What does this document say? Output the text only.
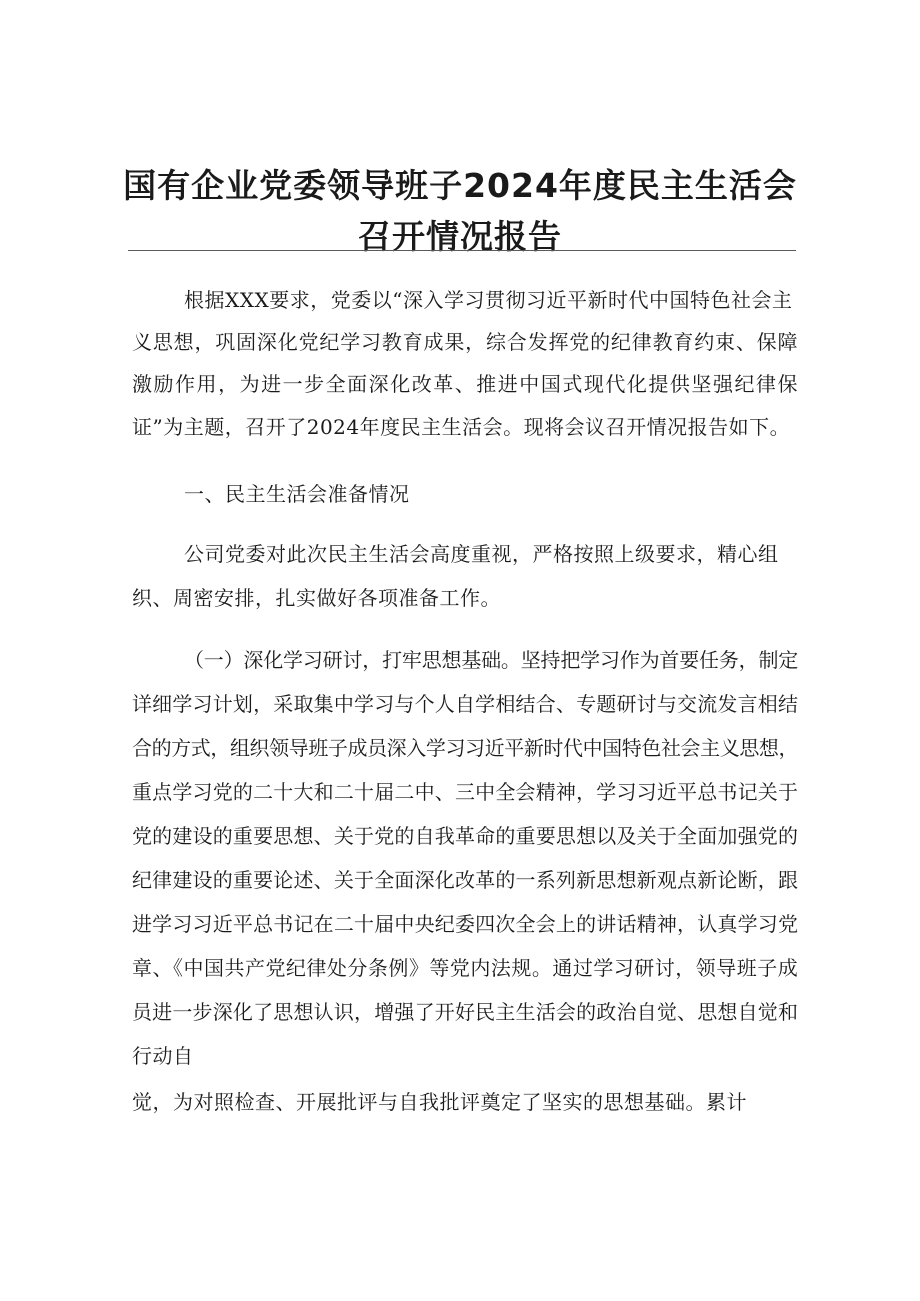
国有企业党委领导班子2024年度民主生活会
召开情况报告

根据XXX要求，党委以“深入学习贯彻习近平新时代中国特色社会主

义思想，巩固深化党纪学习教育成果，综合发挥党的纪律教育约束、保障

激励作用，为进一步全面深化改革、推进中国式现代化提供坚强纪律保

证”为主题，召开了2024年度民主生活会。现将会议召开情况报告如下。

一、民主生活会准备情况

公司党委对此次民主生活会高度重视，严格按照上级要求，精心组

织、周密安排，扎实做好各项准备工作。

（一）深化学习研讨，打牢思想基础。坚持把学习作为首要任务，制定

详细学习计划，采取集中学习与个人自学相结合、专题研讨与交流发言相结

合的方式，组织领导班子成员深入学习习近平新时代中国特色社会主义思想，

重点学习党的二十大和二十届二中、三中全会精神，学习习近平总书记关于

党的建设的重要思想、关于党的自我革命的重要思想以及关于全面加强党的

纪律建设的重要论述、关于全面深化改革的一系列新思想新观点新论断，跟

进学习习近平总书记在二十届中央纪委四次全会上的讲话精神，认真学习党

章、《中国共产党纪律处分条例》等党内法规。通过学习研讨，领导班子成

员进一步深化了思想认识，增强了开好民主生活会的政治自觉、思想自觉和

行动自

觉，为对照检查、开展批评与自我批评奠定了坚实的思想基础。累计
